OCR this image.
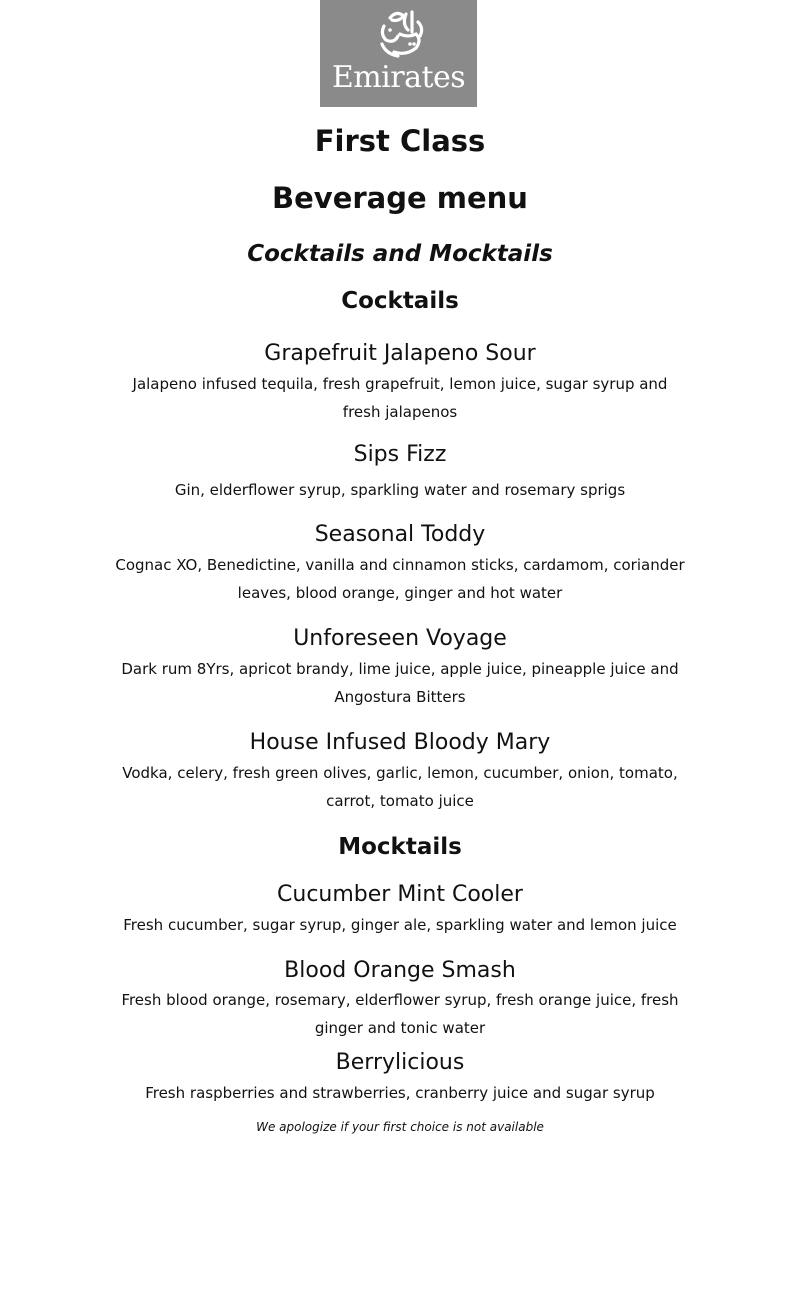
Emirates
First Class
Beverage menu
Cocktails and Mocktails
Cocktails
Grapefruit Jalapeno Sour
Jalapeno infused tequila, fresh grapefruit, lemon juice, sugar syrup and
fresh jalapenos
Sips Fizz
Gin, elderflower syrup, sparkling water and rosemary sprigs
Seasonal Toddy
Cognac XO, Benedictine, vanilla and cinnamon sticks, cardamom, coriander
leaves, blood orange, ginger and hot water
Unforeseen Voyage
Dark rum 8Yrs, apricot brandy, lime juice, apple juice, pineapple juice and
Angostura Bitters
House Infused Bloody Mary
Vodka, celery, fresh green olives, garlic, lemon, cucumber, onion, tomato,
carrot, tomato juice
Mocktails
Cucumber Mint Cooler
Fresh cucumber, sugar syrup, ginger ale, sparkling water and lemon juice
Blood Orange Smash
Fresh blood orange, rosemary, elderflower syrup, fresh orange juice, fresh
ginger and tonic water
Berrylicious
Fresh raspberries and strawberries, cranberry juice and sugar syrup
We apologize if your first choice is not available
